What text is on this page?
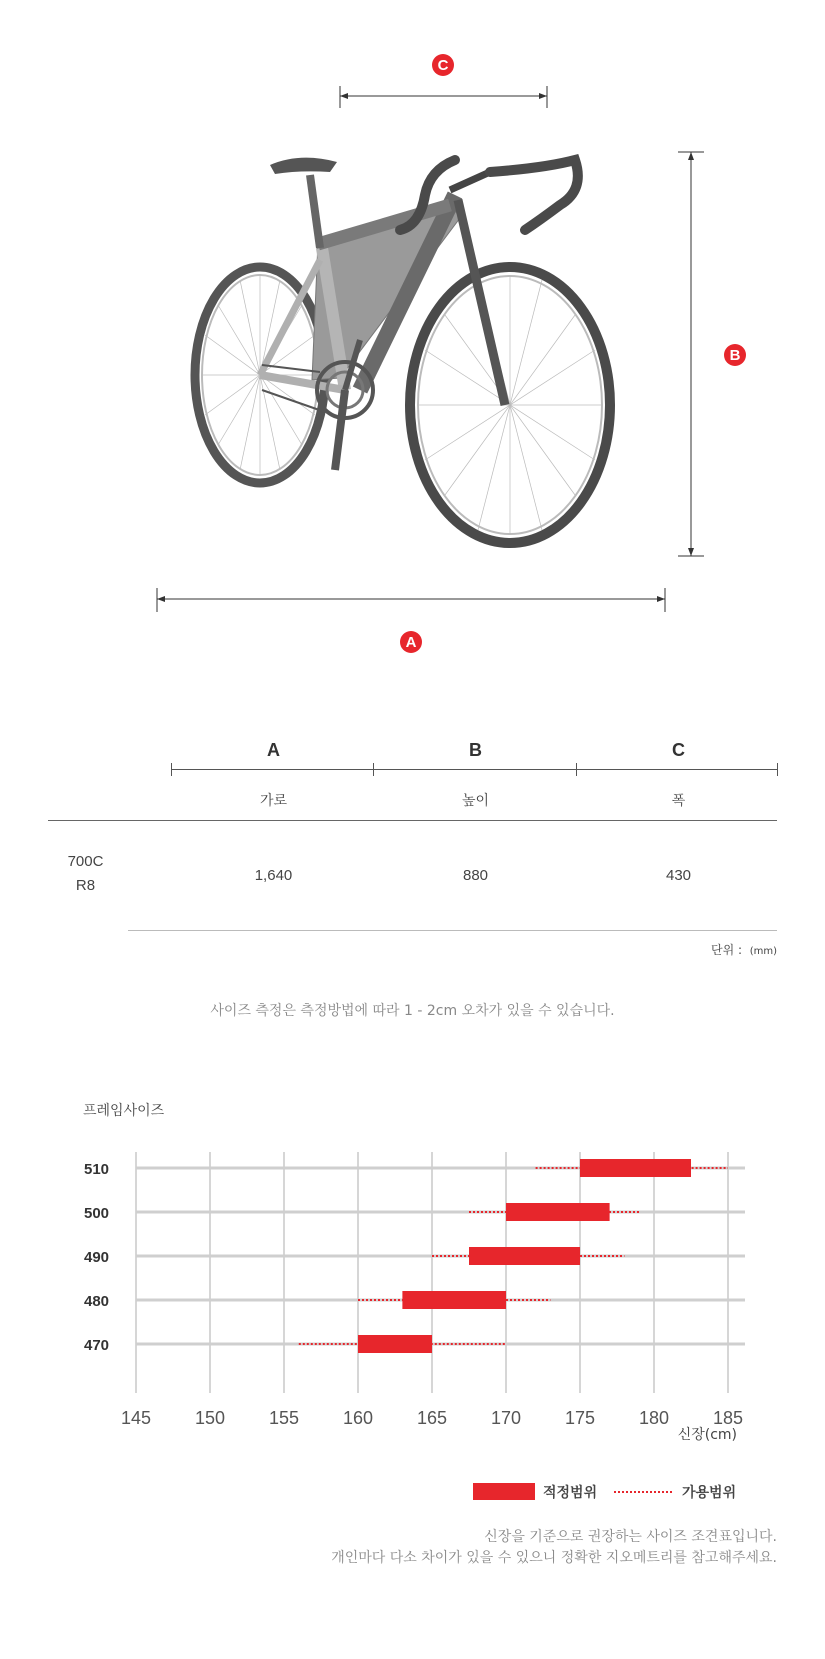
C
B
A
A	B	C
가로	높이	폭
700C
R8
1,640	880	430
단위 : (mm)
사이즈 측정은 측정방법에 따라 1 - 2cm 오차가 있을 수 있습니다.
프레임사이즈
510
500
490
480
470
145 150 155 160 165 170 175 180 185
신장(cm)
적정범위	가용범위
신장을 기준으로 권장하는 사이즈 조견표입니다.
개인마다 다소 차이가 있을 수 있으니 정확한 지오메트리를 참고해주세요.
